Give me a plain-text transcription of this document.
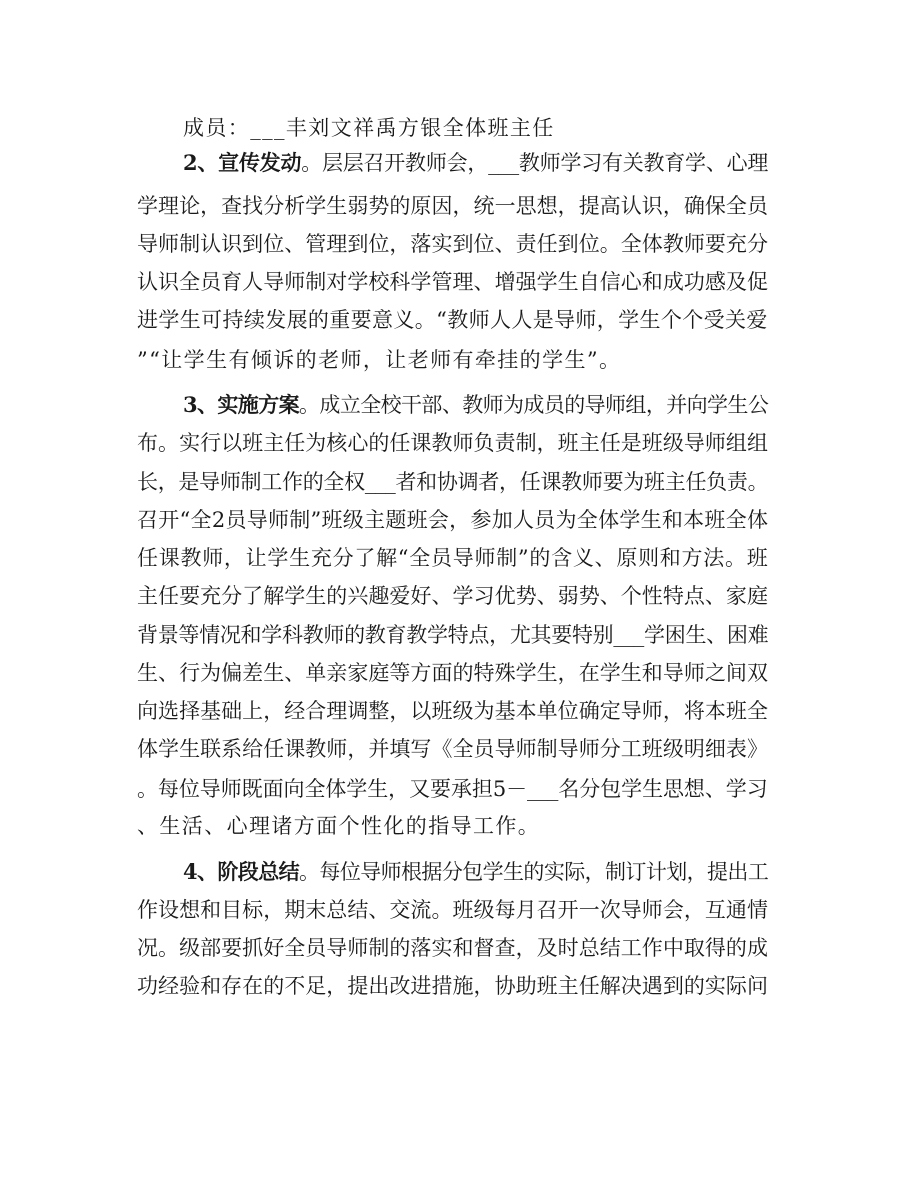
成员：___丰刘文祥禹方银全体班主任
2、宣传发动。层层召开教师会，___教师学习有关教育学、心理
学理论，查找分析学生弱势的原因，统一思想，提高认识，确保全员
导师制认识到位、管理到位，落实到位、责任到位。全体教师要充分
认识全员育人导师制对学校科学管理、增强学生自信心和成功感及促
进学生可持续发展的重要意义。“教师人人是导师，学生个个受关爱
”“让学生有倾诉的老师，让老师有牵挂的学生”。
3、实施方案。成立全校干部、教师为成员的导师组，并向学生公
布。实行以班主任为核心的任课教师负责制，班主任是班级导师组组
长，是导师制工作的全权___者和协调者，任课教师要为班主任负责。
召开“全2员导师制”班级主题班会，参加人员为全体学生和本班全体
任课教师，让学生充分了解“全员导师制”的含义、原则和方法。班
主任要充分了解学生的兴趣爱好、学习优势、弱势、个性特点、家庭
背景等情况和学科教师的教育教学特点，尤其要特别___学困生、困难
生、行为偏差生、单亲家庭等方面的特殊学生，在学生和导师之间双
向选择基础上，经合理调整，以班级为基本单位确定导师，将本班全
体学生联系给任课教师，并填写《全员导师制导师分工班级明细表》
。每位导师既面向全体学生，又要承担5－___名分包学生思想、学习
、生活、心理诸方面个性化的指导工作。
4、阶段总结。每位导师根据分包学生的实际，制订计划，提出工
作设想和目标，期末总结、交流。班级每月召开一次导师会，互通情
况。级部要抓好全员导师制的落实和督查，及时总结工作中取得的成
功经验和存在的不足，提出改进措施，协助班主任解决遇到的实际问
